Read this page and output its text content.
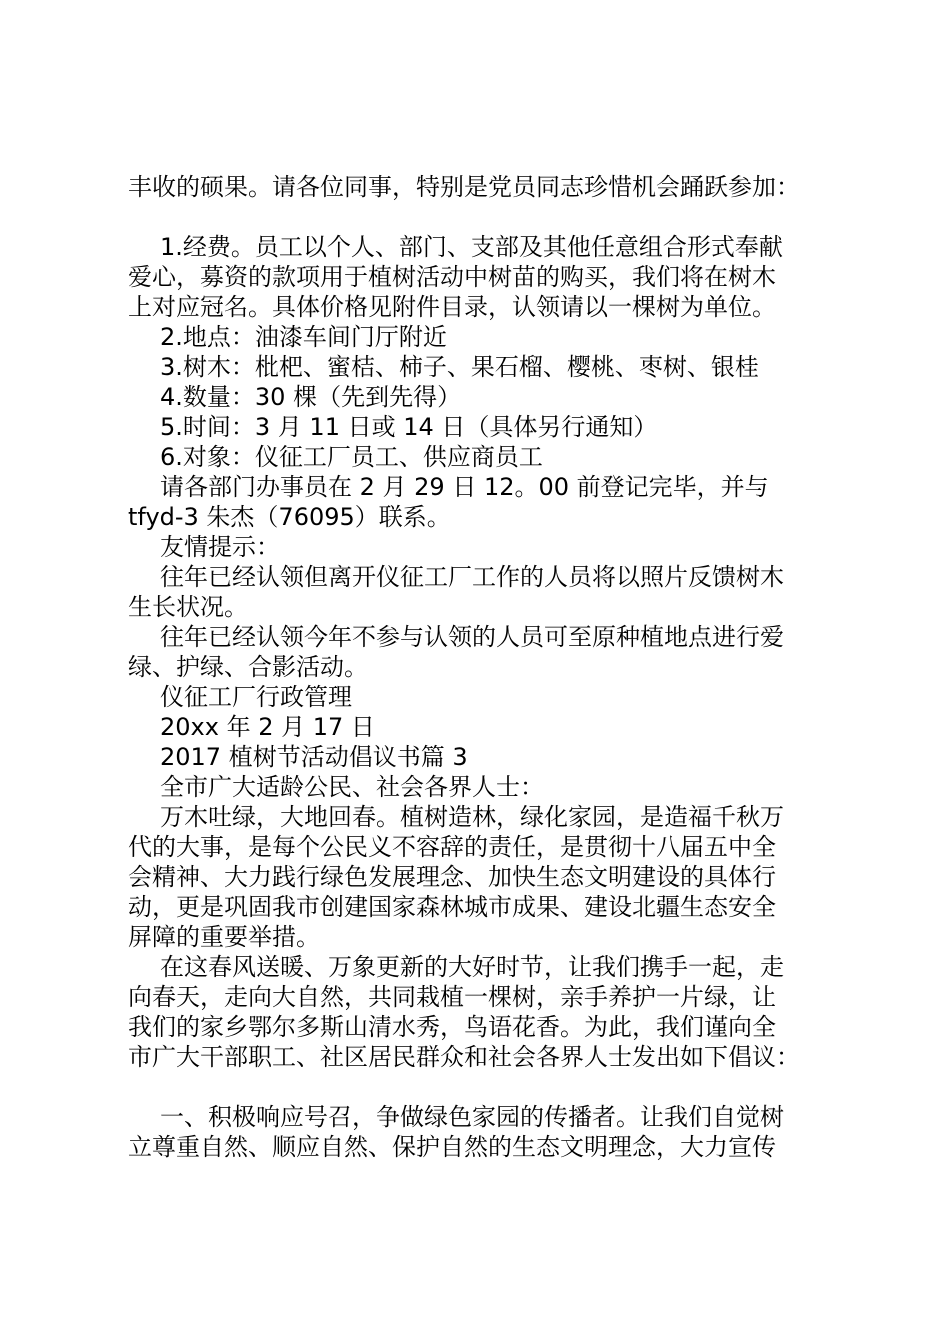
丰收的硕果。请各位同事，特别是党员同志珍惜机会踊跃参加：

1.经费。员工以个人、部门、支部及其他任意组合形式奉献
爱心，募资的款项用于植树活动中树苗的购买，我们将在树木
上对应冠名。具体价格见附件目录，认领请以一棵树为单位。

2.地点：油漆车间门厅附近

3.树木：枇杷、蜜桔、柿子、果石榴、樱桃、枣树、银桂

4.数量：30 棵（先到先得）

5.时间：3 月 11 日或 14 日（具体另行通知）

6.对象：仪征工厂员工、供应商员工

请各部门办事员在 2 月 29 日 12。00 前登记完毕，并与
tfyd-3 朱杰（76095）联系。

友情提示：

往年已经认领但离开仪征工厂工作的人员将以照片反馈树木
生长状况。

往年已经认领今年不参与认领的人员可至原种植地点进行爱
绿、护绿、合影活动。

仪征工厂行政管理

20xx 年 2 月 17 日

2017 植树节活动倡议书篇 3

全市广大适龄公民、社会各界人士：

万木吐绿，大地回春。植树造林，绿化家园，是造福千秋万
代的大事，是每个公民义不容辞的责任，是贯彻十八届五中全
会精神、大力践行绿色发展理念、加快生态文明建设的具体行
动，更是巩固我市创建国家森林城市成果、建设北疆生态安全
屏障的重要举措。

在这春风送暖、万象更新的大好时节，让我们携手一起，走
向春天，走向大自然，共同栽植一棵树，亲手养护一片绿，让
我们的家乡鄂尔多斯山清水秀，鸟语花香。为此，我们谨向全
市广大干部职工、社区居民群众和社会各界人士发出如下倡议：

一、积极响应号召，争做绿色家园的传播者。让我们自觉树
立尊重自然、顺应自然、保护自然的生态文明理念，大力宣传
